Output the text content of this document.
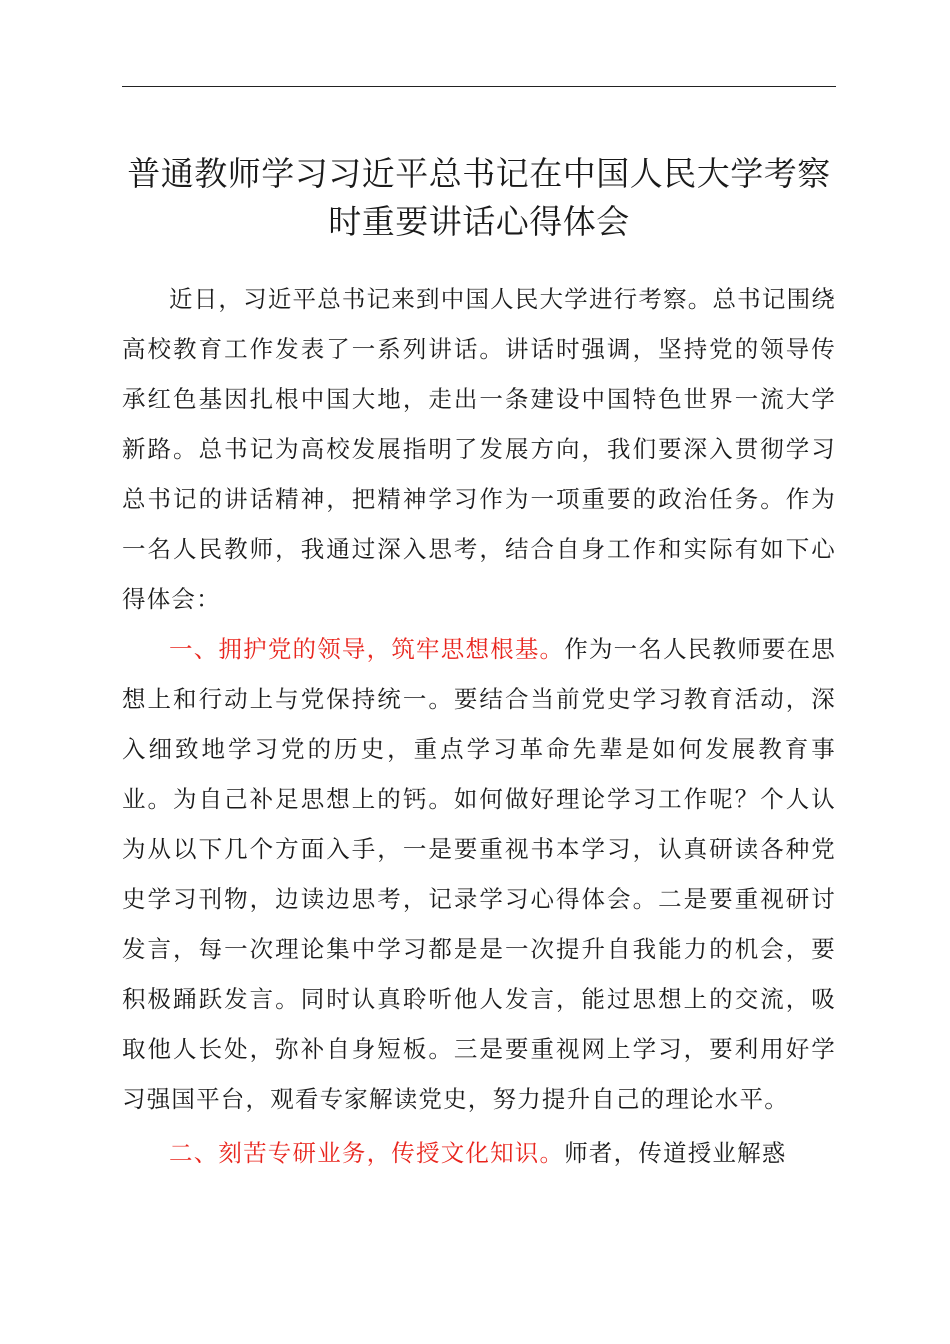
普通教师学习习近平总书记在中国人民大学考察时重要讲话心得体会

近日，习近平总书记来到中国人民大学进行考察。总书记围绕高校教育工作发表了一系列讲话。讲话时强调，坚持党的领导传承红色基因扎根中国大地，走出一条建设中国特色世界一流大学新路。总书记为高校发展指明了发展方向，我们要深入贯彻学习总书记的讲话精神，把精神学习作为一项重要的政治任务。作为一名人民教师，我通过深入思考，结合自身工作和实际有如下心得体会：

一、拥护党的领导，筑牢思想根基。作为一名人民教师要在思想上和行动上与党保持统一。要结合当前党史学习教育活动，深入细致地学习党的历史，重点学习革命先辈是如何发展教育事业。为自己补足思想上的钙。如何做好理论学习工作呢？个人认为从以下几个方面入手，一是要重视书本学习，认真研读各种党史学习刊物，边读边思考，记录学习心得体会。二是要重视研讨发言，每一次理论集中学习都是是一次提升自我能力的机会，要积极踊跃发言。同时认真聆听他人发言，能过思想上的交流，吸取他人长处，弥补自身短板。三是要重视网上学习，要利用好学习强国平台，观看专家解读党史，努力提升自己的理论水平。

二、刻苦专研业务，传授文化知识。师者，传道授业解惑
